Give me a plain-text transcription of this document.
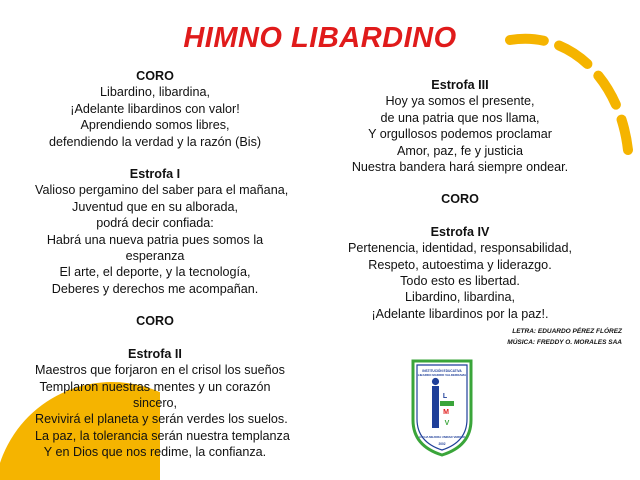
HIMNO LIBARDINO
CORO
Libardino, libardina,
¡Adelante libardinos con valor!
Aprendiendo somos libres,
defendiendo la verdad y la razón (Bis)
Estrofa I
Valioso pergamino del saber para el mañana,
Juventud que en su alborada,
podrá decir confiada:
Habrá una nueva patria pues somos la esperanza
El arte, el deporte, y la tecnología,
Deberes y derechos me acompañan.
CORO
Estrofa II
Maestros que forjaron en el crisol los sueños
Templaron nuestras mentes y un corazón sincero,
Revivirá el planeta y serán verdes los suelos.
La paz, la tolerancia serán nuestra templanza
Y en Dios que nos redime, la confianza.
Estrofa III
Hoy ya somos el presente,
de una patria que nos llama,
Y orgullosos podemos proclamar
Amor, paz, fe y justicia
Nuestra bandera hará siempre ondear.
CORO
Estrofa IV
Pertenencia, identidad, responsabilidad,
Respeto, autoestima y liderazgo.
Todo esto es libertad.
Libardino, libardina,
¡Adelante libardinos por la paz!.
LETRA: EDUARDO PÉREZ FLÓREZ
MÚSICA: FREDDY O. MORALES SAA
INSTITUCIÓN EDUCATIVA
LIBARDO MADRID VALDERRAMA
L
M
V
LUCHA MEJORA UNIDAD VERDAD
2002
